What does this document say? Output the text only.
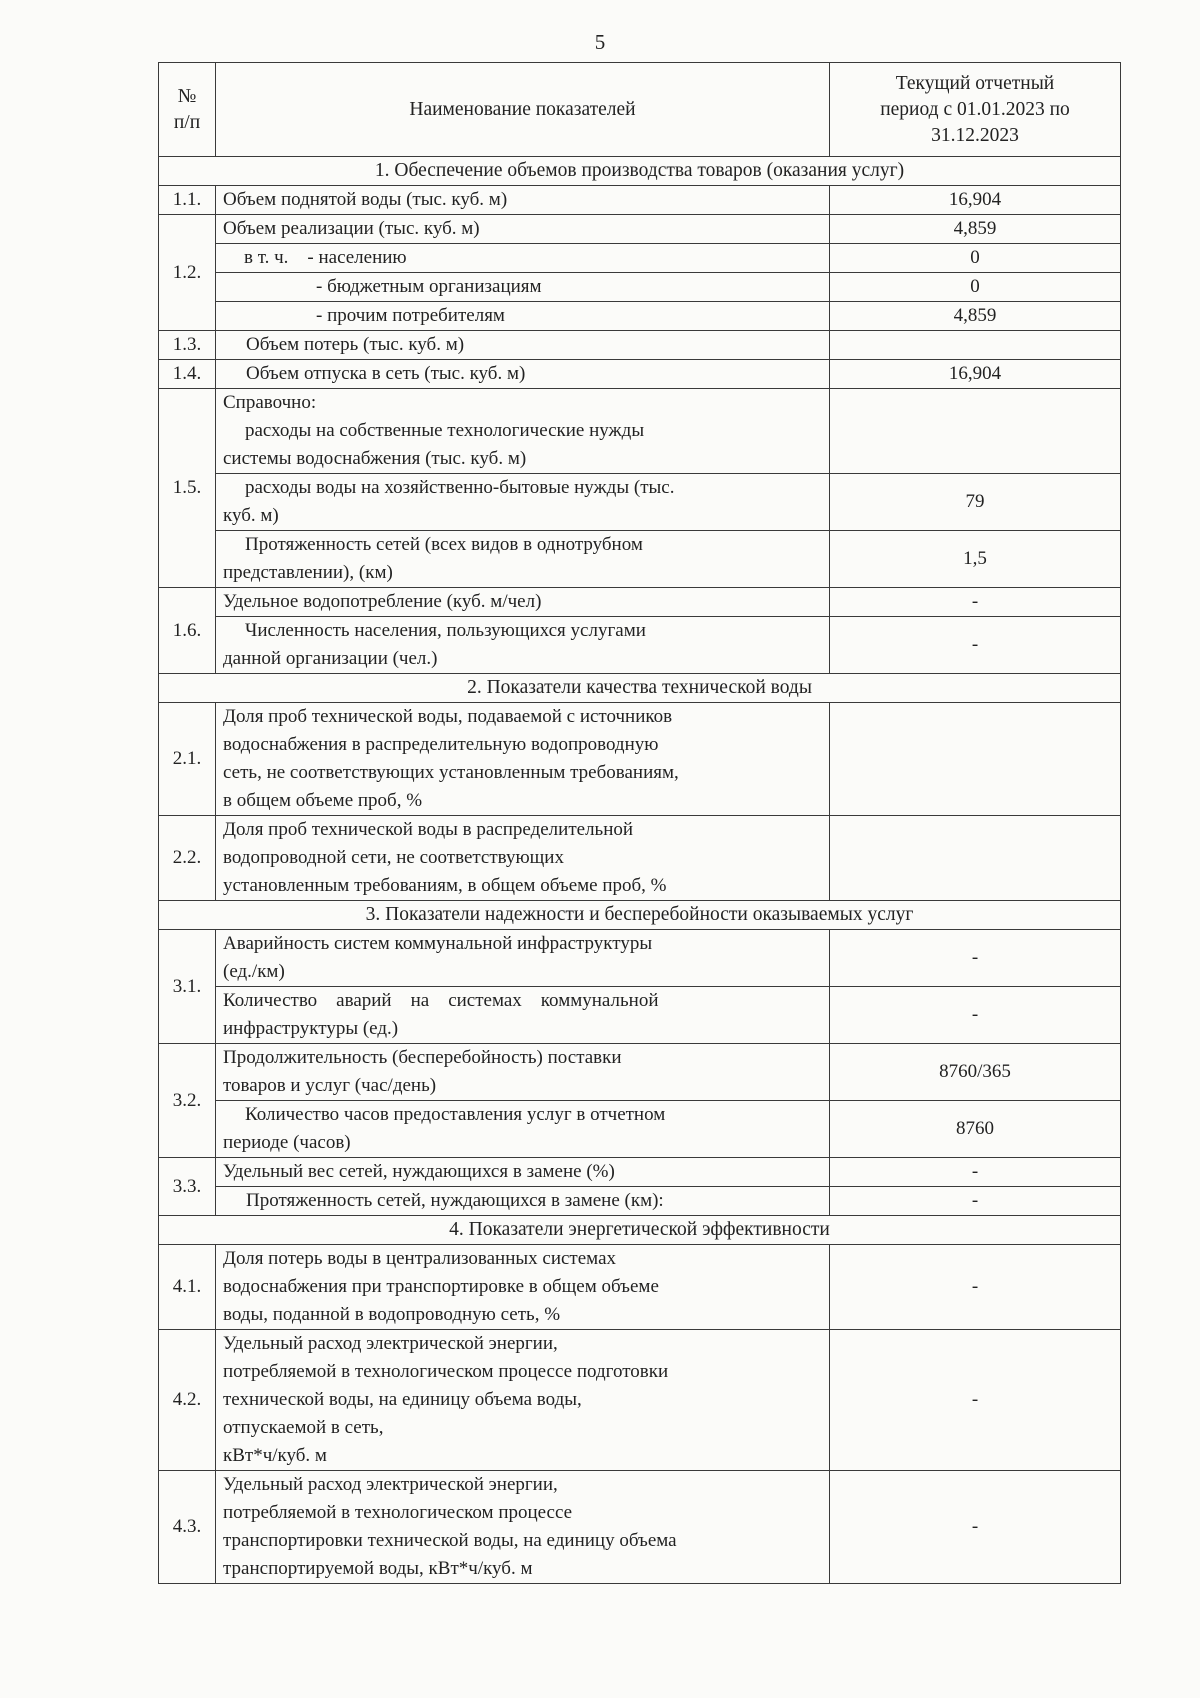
5
№
п/п	Наименование показателей	Текущий отчетный
период с 01.01.2023 по
31.12.2023
1. Обеспечение объемов производства товаров (оказания услуг)		
1.1.	Объем поднятой воды (тыс. куб. м)	16,904
1.2.	Объем реализации (тыс. куб. м)	4,859
	в т. ч.    - населению	0
	- бюджетным организациям	0
	- прочим потребителям	4,859
1.3.	Объем потерь (тыс. куб. м)	
1.4.	Объем отпуска в сеть (тыс. куб. м)	16,904
1.5.	Справочно:
расходы на собственные технологические нужды
системы водоснабжения (тыс. куб. м)	

	расходы воды на хозяйственно-бытовые нужды (тыс.
куб. м)	79

	Протяженность сетей (всех видов в однотрубном
представлении), (км)	1,5
1.6.	Удельное водопотребление (куб. м/чел)	-

	Численность населения, пользующихся услугами
данной организации (чел.)	-
2. Показатели качества технической воды		
2.1.	Доля проб технической воды, подаваемой с источников
водоснабжения в распределительную водопроводную
сеть, не соответствующих установленным требованиям,
в общем объеме проб, %	

2.2.	Доля проб технической воды в распределительной
водопроводной сети, не соответствующих
установленным требованиям, в общем объеме проб, %	

3. Показатели надежности и бесперебойности оказываемых услуг		
3.1.	Аварийность систем коммунальной инфраструктуры
(ед./км)	-

	Количество    аварий    на    системах    коммунальной
инфраструктуры (ед.)	-
3.2.	Продолжительность (бесперебойность) поставки
товаров и услуг (час/день)	8760/365

	Количество часов предоставления услуг в отчетном
периоде (часов)	8760
3.3.	Удельный вес сетей, нуждающихся в замене (%)	-
	Протяженность сетей, нуждающихся в замене (км):	-
4. Показатели энергетической эффективности		
4.1.	Доля потерь воды в централизованных системах
водоснабжения при транспортировке в общем объеме
воды, поданной в водопроводную сеть, %	-
4.2.	Удельный расход электрической энергии,
потребляемой в технологическом процессе подготовки
технической воды, на единицу объема воды,
отпускаемой в сеть,
кВт*ч/куб. м	-
4.3.	Удельный расход электрической энергии,
потребляемой в технологическом процессе
транспортировки технической воды, на единицу объема
транспортируемой воды, кВт*ч/куб. м	-
